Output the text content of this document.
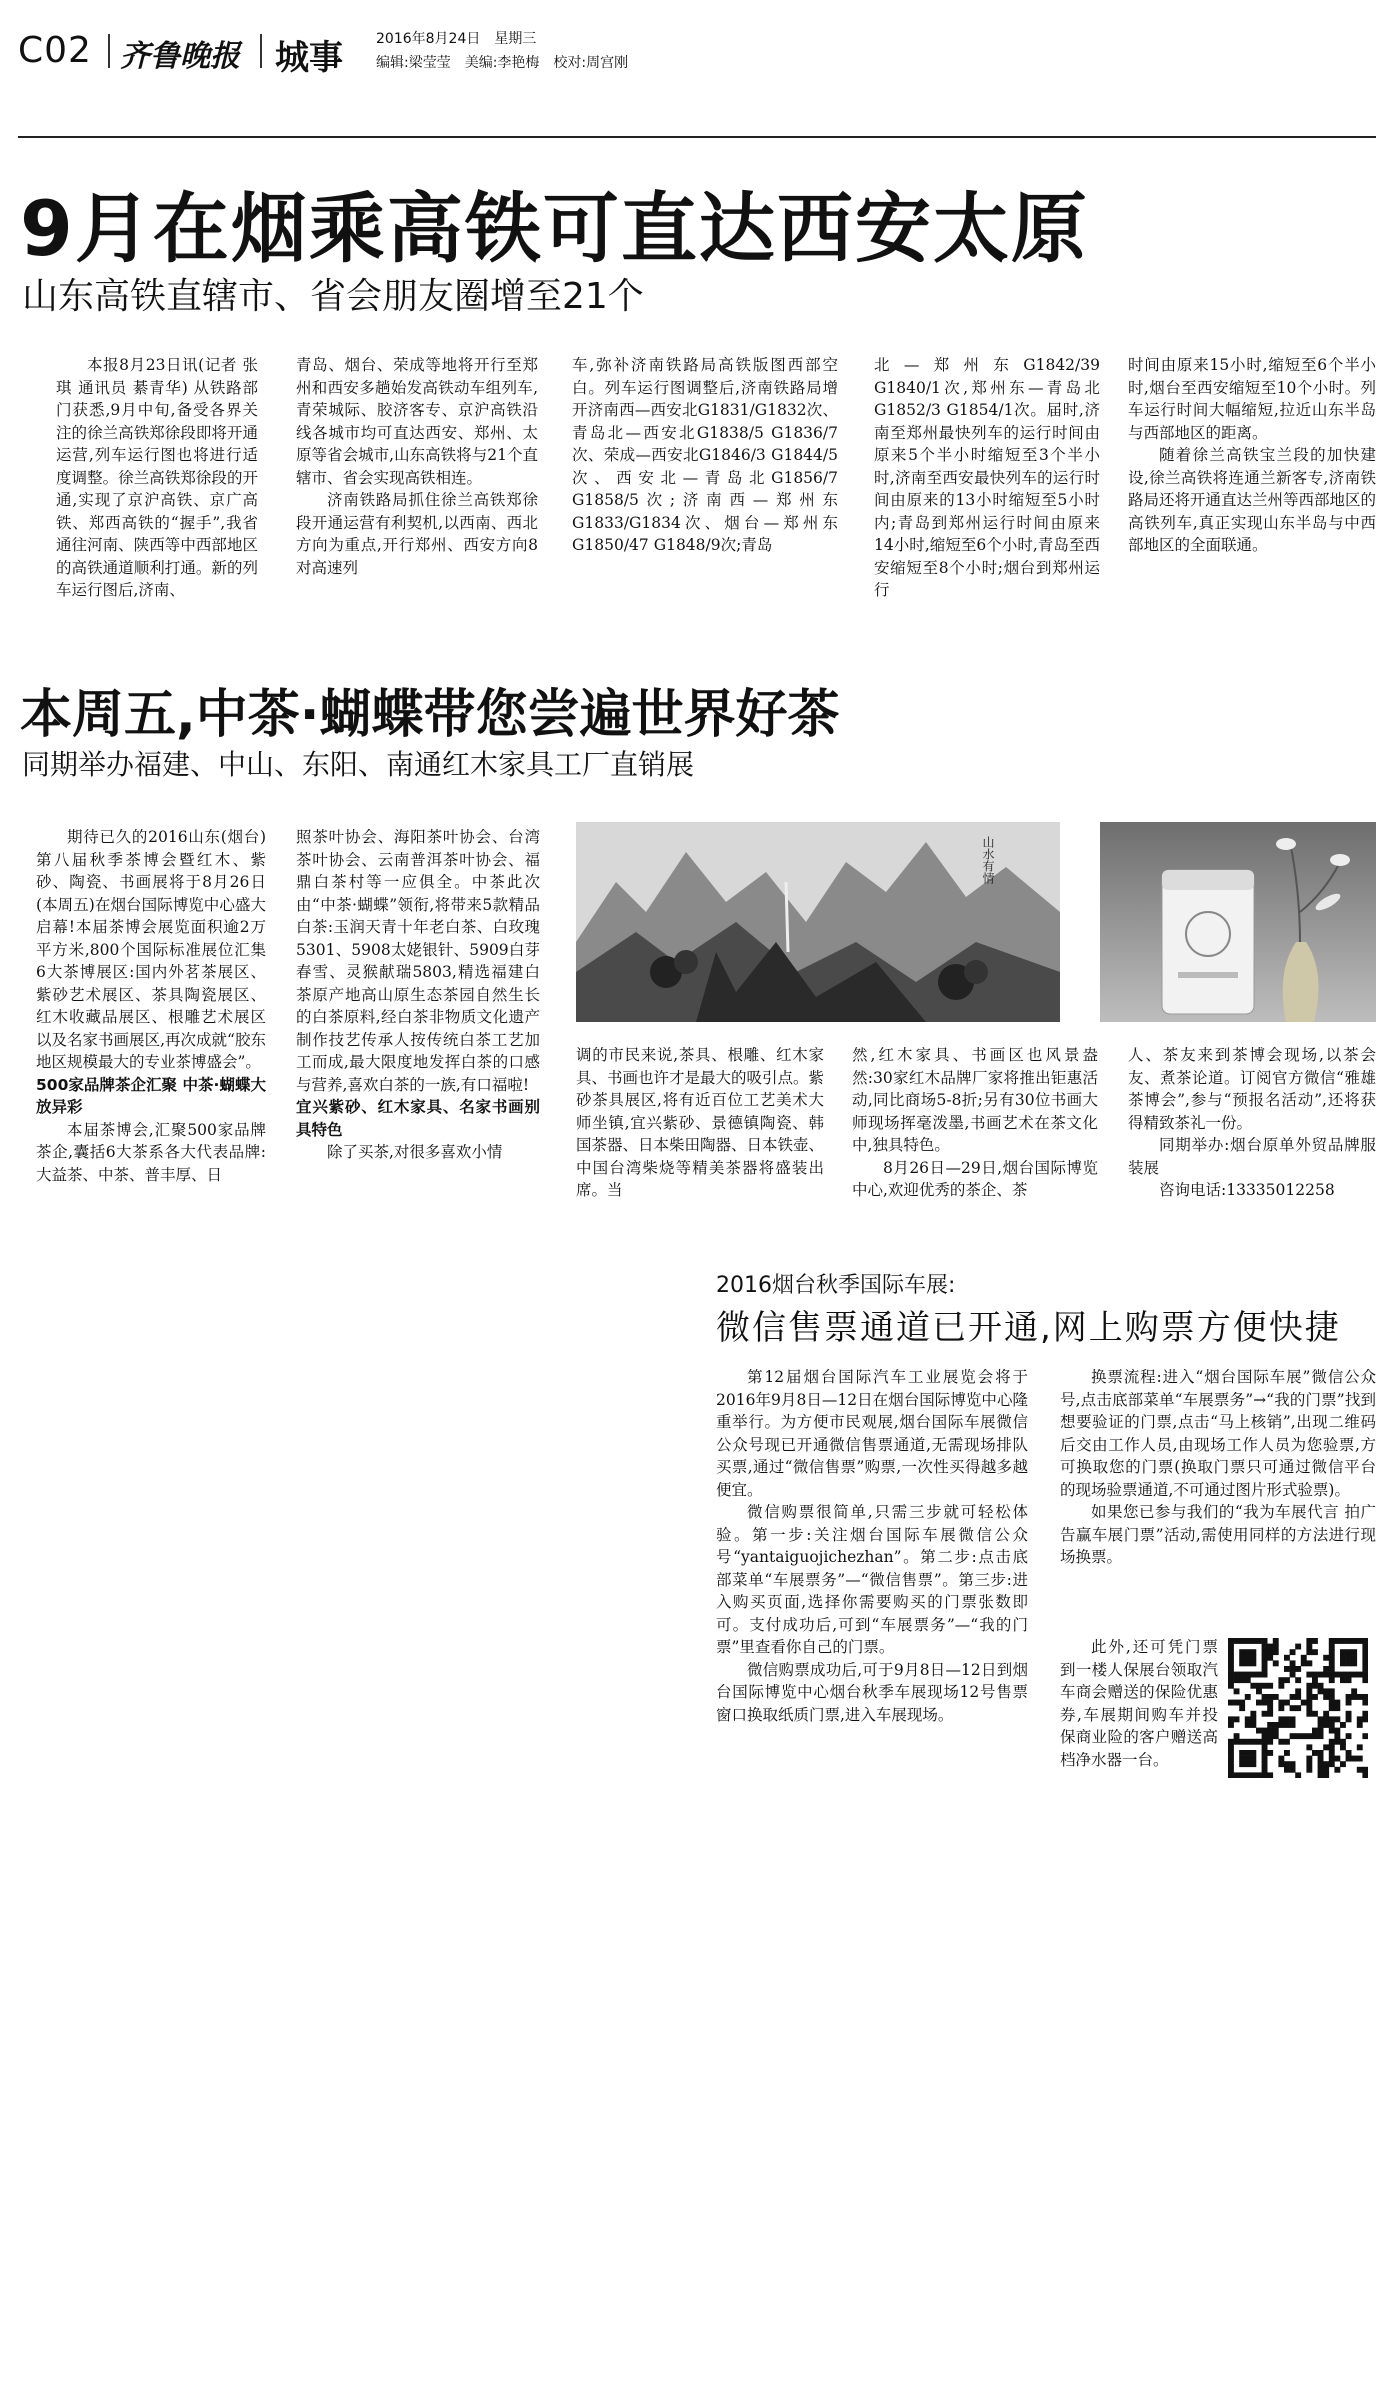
C02 齐鲁晚报 城事 2016年8月24日　星期三
编辑:梁莹莹　美编:李艳梅　校对:周宫刚
9月在烟乘高铁可直达西安太原
山东高铁直辖市、省会朋友圈增至21个

本报8月23日讯(记者 张琪 通讯员 綦青华) 从铁路部门获悉,9月中旬,备受各界关注的徐兰高铁郑徐段即将开通运营,列车运行图也将进行适度调整。徐兰高铁郑徐段的开通,实现了京沪高铁、京广高铁、郑西高铁的“握手”,我省通往河南、陕西等中西部地区的高铁通道顺利打通。新的列车运行图后,济南、

青岛、烟台、荣成等地将开行至郑州和西安多趟始发高铁动车组列车,青荣城际、胶济客专、京沪高铁沿线各城市均可直达西安、郑州、太原等省会城市,山东高铁将与21个直辖市、省会实现高铁相连。

济南铁路局抓住徐兰高铁郑徐段开通运营有利契机,以西南、西北方向为重点,开行郑州、西安方向8对高速列

车,弥补济南铁路局高铁版图西部空白。列车运行图调整后,济南铁路局增开济南西—西安北G1831/G1832次、青岛北—西安北G1838/5 G1836/7次、荣成—西安北G1846/3 G1844/5次、西安北—青岛北G1856/7 G1858/5次;济南西—郑州东G1833/G1834次、烟台—郑州东G1850/47 G1848/9次;青岛

北—郑州东G1842/39 G1840/1次,郑州东—青岛北G1852/3 G1854/1次。届时,济南至郑州最快列车的运行时间由原来5个半小时缩短至3个半小时,济南至西安最快列车的运行时间由原来的13小时缩短至5小时内;青岛到郑州运行时间由原来14小时,缩短至6个小时,青岛至西安缩短至8个小时;烟台到郑州运行

时间由原来15小时,缩短至6个半小时,烟台至西安缩短至10个小时。列车运行时间大幅缩短,拉近山东半岛与西部地区的距离。

随着徐兰高铁宝兰段的加快建设,徐兰高铁将连通兰新客专,济南铁路局还将开通直达兰州等西部地区的高铁列车,真正实现山东半岛与中西部地区的全面联通。

本周五,中茶·蝴蝶带您尝遍世界好茶
同期举办福建、中山、东阳、南通红木家具工厂直销展

期待已久的2016山东(烟台)第八届秋季茶博会暨红木、紫砂、陶瓷、书画展将于8月26日(本周五)在烟台国际博览中心盛大启幕!本届茶博会展览面积逾2万平方米,800个国际标准展位汇集6大茶博展区:国内外茗茶展区、紫砂艺术展区、茶具陶瓷展区、红木收藏品展区、根雕艺术展区以及名家书画展区,再次成就“胶东地区规模最大的专业茶博盛会”。

500家品牌茶企汇聚 中茶·蝴蝶大放异彩

本届茶博会,汇聚500家品牌茶企,囊括6大茶系各大代表品牌:大益茶、中茶、普丰厚、日

照茶叶协会、海阳茶叶协会、台湾茶叶协会、云南普洱茶叶协会、福鼎白茶村等一应俱全。中茶此次由“中茶·蝴蝶”领衔,将带来5款精品白茶:玉润天青十年老白茶、白玫瑰5301、5908太姥银针、5909白芽春雪、灵猴献瑞5803,精选福建白茶原产地高山原生态茶园自然生长的白茶原料,经白茶非物质文化遗产制作技艺传承人按传统白茶工艺加工而成,最大限度地发挥白茶的口感与营养,喜欢白茶的一族,有口福啦!

宜兴紫砂、红木家具、名家书画别具特色

除了买茶,对很多喜欢小情

山水有情

调的市民来说,茶具、根雕、红木家具、书画也许才是最大的吸引点。紫砂茶具展区,将有近百位工艺美术大师坐镇,宜兴紫砂、景德镇陶瓷、韩国茶器、日本柴田陶器、日本铁壶、中国台湾柴烧等精美茶器将盛装出席。当

然,红木家具、书画区也风景盎然:30家红木品牌厂家将推出钜惠活动,同比商场5-8折;另有30位书画大师现场挥毫泼墨,书画艺术在茶文化中,独具特色。

8月26日—29日,烟台国际博览中心,欢迎优秀的茶企、茶

人、茶友来到茶博会现场,以茶会友、煮茶论道。订阅官方微信“雅雄茶博会”,参与“预报名活动”,还将获得精致茶礼一份。

同期举办:烟台原单外贸品牌服装展

咨询电话:13335012258

2016烟台秋季国际车展:
微信售票通道已开通,网上购票方便快捷

第12届烟台国际汽车工业展览会将于2016年9月8日—12日在烟台国际博览中心隆重举行。为方便市民观展,烟台国际车展微信公众号现已开通微信售票通道,无需现场排队买票,通过“微信售票”购票,一次性买得越多越便宜。

微信购票很简单,只需三步就可轻松体验。第一步:关注烟台国际车展微信公众号“yantaiguojichezhan”。第二步:点击底部菜单“车展票务”—“微信售票”。第三步:进入购买页面,选择你需要购买的门票张数即可。支付成功后,可到“车展票务”—“我的门票”里查看你自己的门票。

微信购票成功后,可于9月8日—12日到烟台国际博览中心烟台秋季车展现场12号售票窗口换取纸质门票,进入车展现场。

换票流程:进入“烟台国际车展”微信公众号,点击底部菜单“车展票务”→“我的门票”找到想要验证的门票,点击“马上核销”,出现二维码后交由工作人员,由现场工作人员为您验票,方可换取您的门票(换取门票只可通过微信平台的现场验票通道,不可通过图片形式验票)。

如果您已参与我们的“我为车展代言 拍广告赢车展门票”活动,需使用同样的方法进行现场换票。

此外,还可凭门票到一楼人保展台领取汽车商会赠送的保险优惠券,车展期间购车并投保商业险的客户赠送高档净水器一台。
